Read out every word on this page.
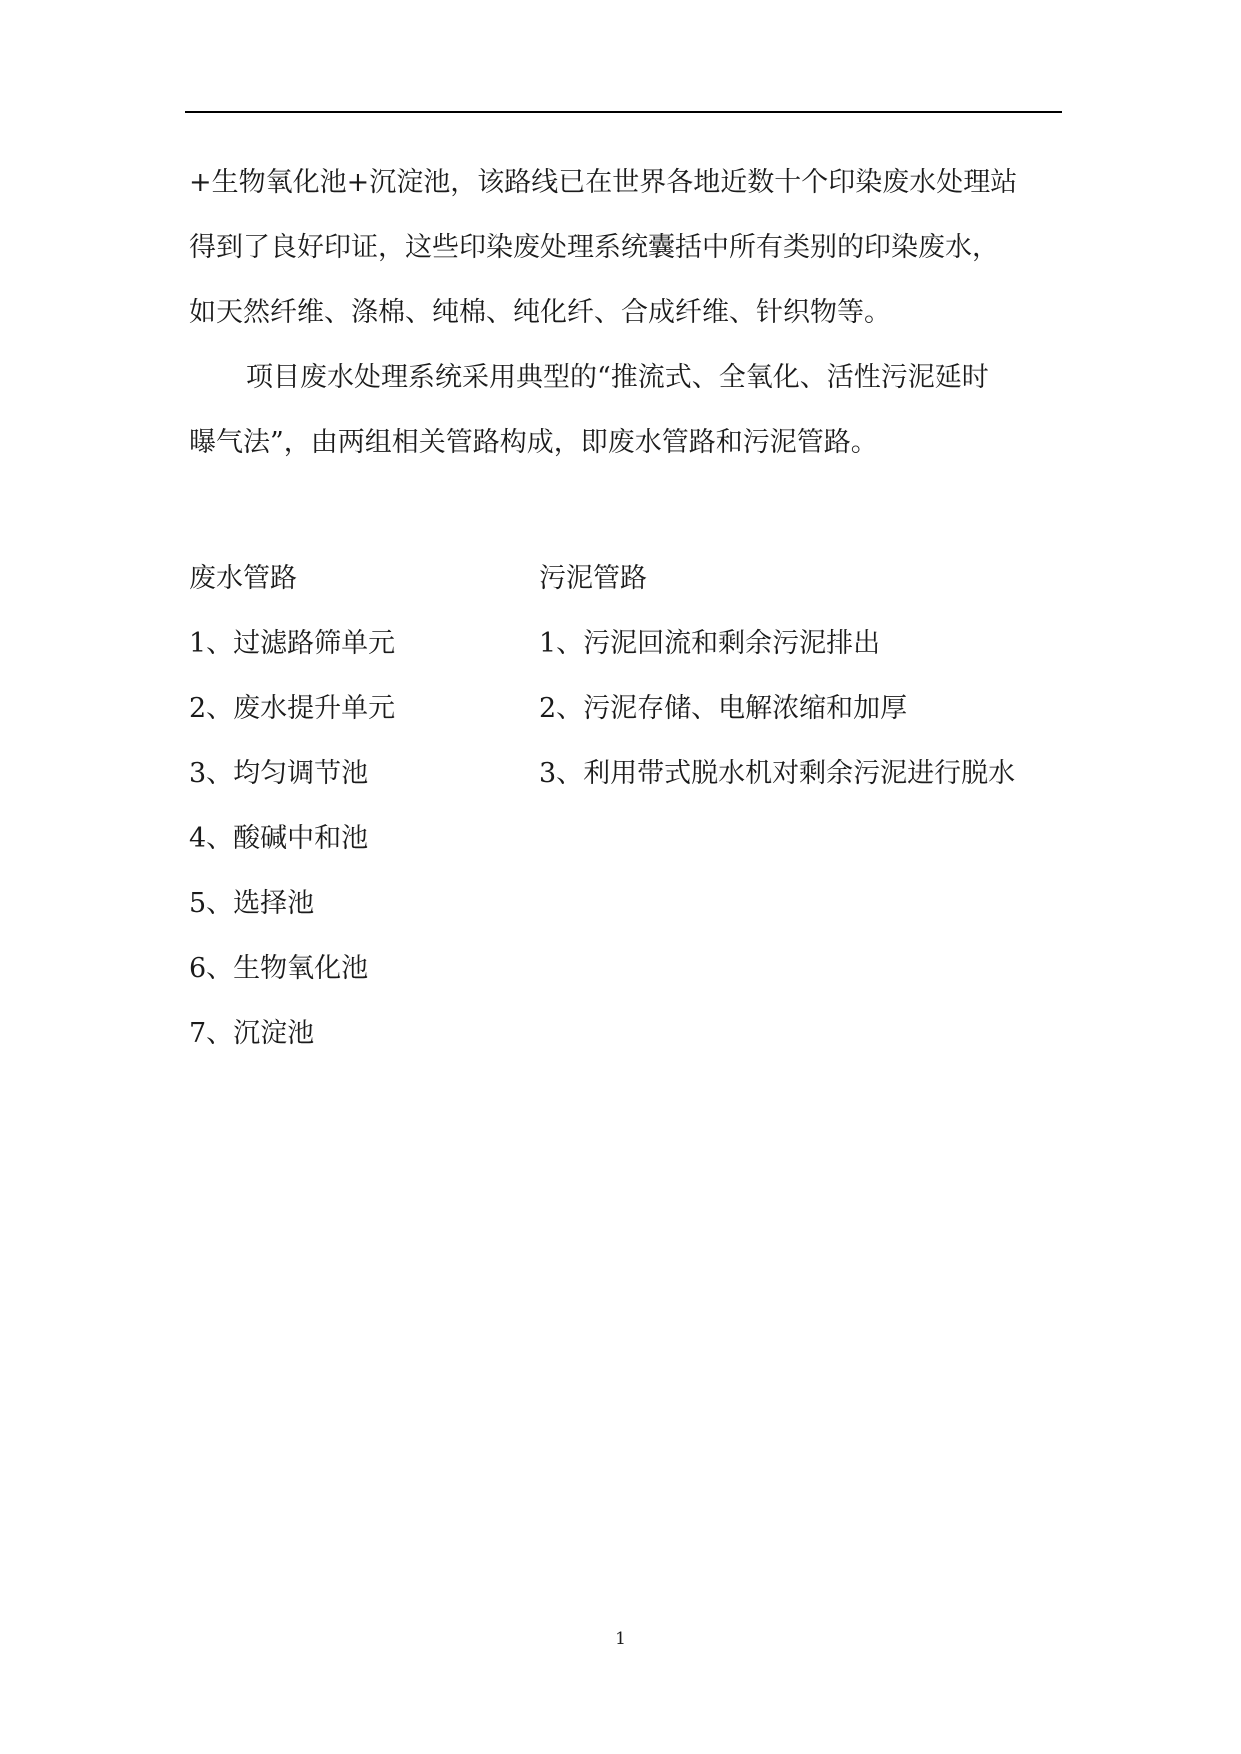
+生物氧化池+沉淀池，该路线已在世界各地近数十个印染废水处理站
得到了良好印证，这些印染废处理系统囊括中所有类别的印染废水，
如天然纤维、涤棉、纯棉、纯化纤、合成纤维、针织物等。

项目废水处理系统采用典型的“推流式、全氧化、活性污泥延时
曝气法”，由两组相关管路构成，即废水管路和污泥管路。

废水管路
1、过滤路筛单元
2、废水提升单元
3、均匀调节池
4、酸碱中和池
5、选择池
6、生物氧化池
7、沉淀池
污泥管路
1、污泥回流和剩余污泥排出
2、污泥存储、电解浓缩和加厚
3、利用带式脱水机对剩余污泥进行脱水
1
